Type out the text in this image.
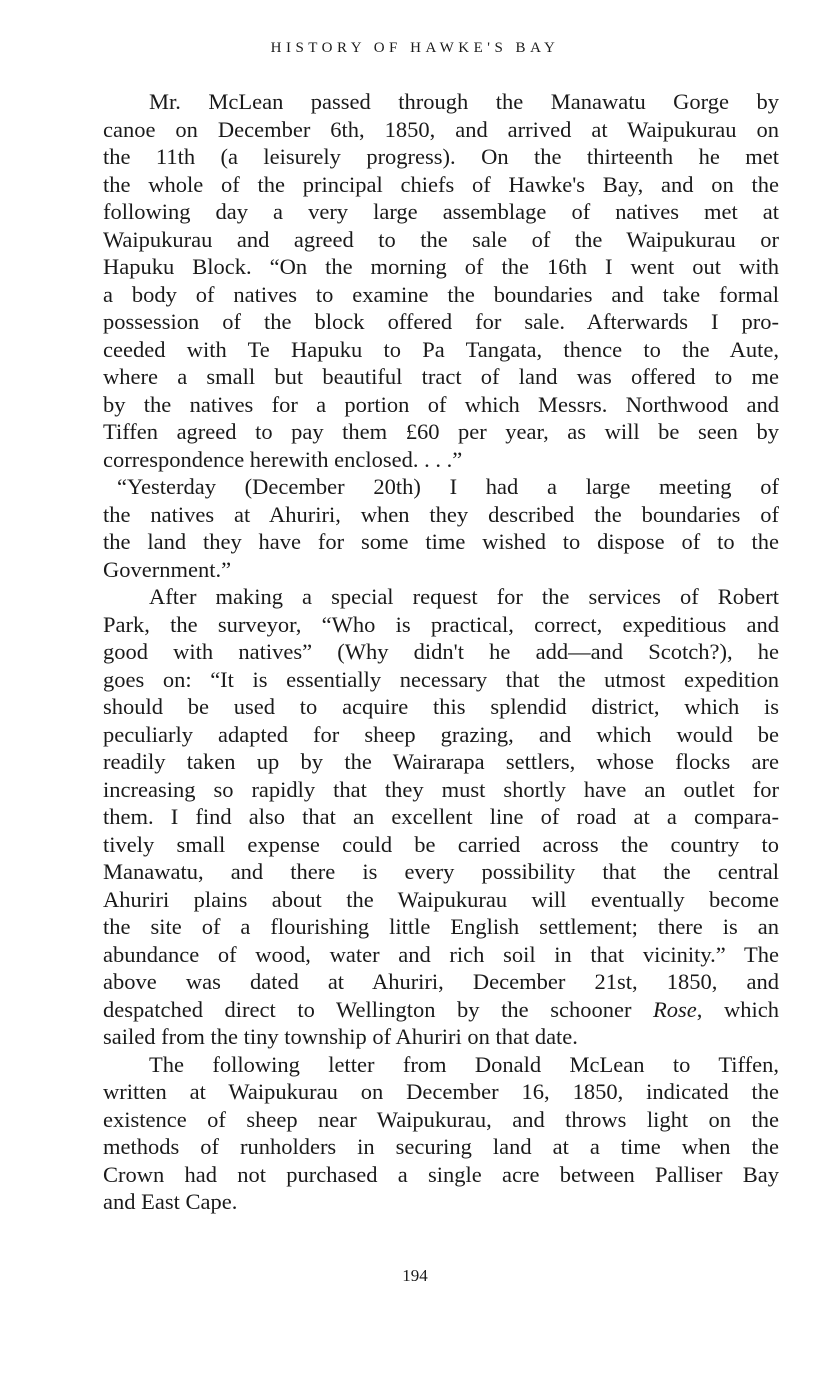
HISTORY OF HAWKE'S BAY

Mr. McLean passed through the Manawatu Gorge by
canoe on December 6th, 1850, and arrived at Waipukurau on
the 11th (a leisurely progress). On the thirteenth he met
the whole of the principal chiefs of Hawke's Bay, and on the
following day a very large assemblage of natives met at
Waipukurau and agreed to the sale of the Waipukurau or
Hapuku Block. “On the morning of the 16th I went out with
a body of natives to examine the boundaries and take formal
possession of the block offered for sale. Afterwards I pro-
ceeded with Te Hapuku to Pa Tangata, thence to the Aute,
where a small but beautiful tract of land was offered to me
by the natives for a portion of which Messrs. Northwood and
Tiffen agreed to pay them £60 per year, as will be seen by
correspondence herewith enclosed. . . .”

“Yesterday (December 20th) I had a large meeting of
the natives at Ahuriri, when they described the boundaries of
the land they have for some time wished to dispose of to the
Government.”

After making a special request for the services of Robert
Park, the surveyor, “Who is practical, correct, expeditious and
good with natives” (Why didn't he add—and Scotch?), he
goes on: “It is essentially necessary that the utmost expedition
should be used to acquire this splendid district, which is
peculiarly adapted for sheep grazing, and which would be
readily taken up by the Wairarapa settlers, whose flocks are
increasing so rapidly that they must shortly have an outlet for
them. I find also that an excellent line of road at a compara-
tively small expense could be carried across the country to
Manawatu, and there is every possibility that the central
Ahuriri plains about the Waipukurau will eventually become
the site of a flourishing little English settlement; there is an
abundance of wood, water and rich soil in that vicinity.” The
above was dated at Ahuriri, December 21st, 1850, and
despatched direct to Wellington by the schooner Rose, which
sailed from the tiny township of Ahuriri on that date.

The following letter from Donald McLean to Tiffen,
written at Waipukurau on December 16, 1850, indicated the
existence of sheep near Waipukurau, and throws light on the
methods of runholders in securing land at a time when the
Crown had not purchased a single acre between Palliser Bay
and East Cape.

194
